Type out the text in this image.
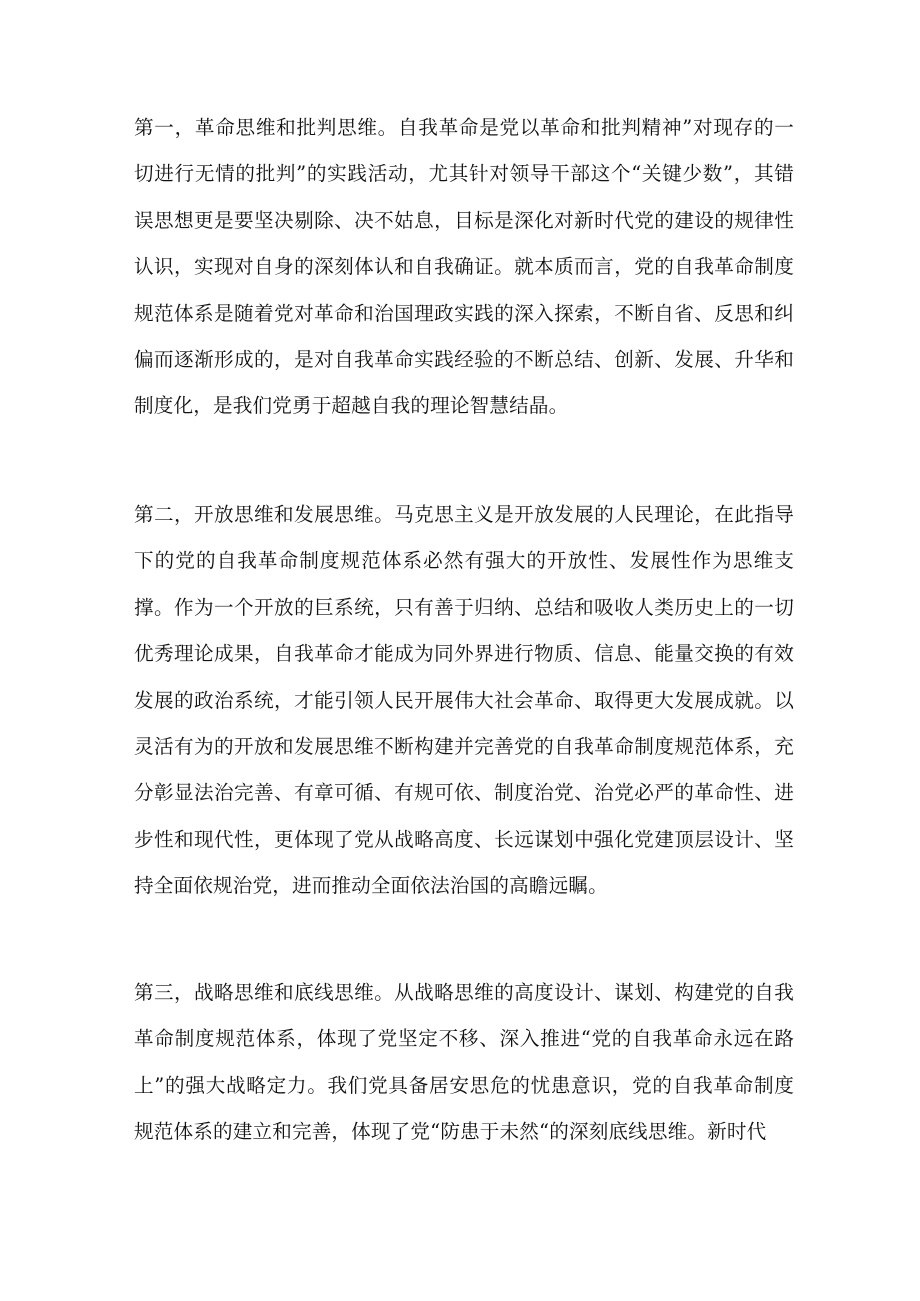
第一，革命思维和批判思维。自我革命是党以革命和批判精神”对现存的一切进行无情的批判”的实践活动，尤其针对领导干部这个“关键少数”，其错误思想更是要坚决剔除、决不姑息，目标是深化对新时代党的建设的规律性认识，实现对自身的深刻体认和自我确证。就本质而言，党的自我革命制度规范体系是随着党对革命和治国理政实践的深入探索，不断自省、反思和纠偏而逐渐形成的，是对自我革命实践经验的不断总结、创新、发展、升华和制度化，是我们党勇于超越自我的理论智慧结晶。

第二，开放思维和发展思维。马克思主义是开放发展的人民理论，在此指导下的党的自我革命制度规范体系必然有强大的开放性、发展性作为思维支撑。作为一个开放的巨系统，只有善于归纳、总结和吸收人类历史上的一切优秀理论成果，自我革命才能成为同外界进行物质、信息、能量交换的有效发展的政治系统，才能引领人民开展伟大社会革命、取得更大发展成就。以灵活有为的开放和发展思维不断构建并完善党的自我革命制度规范体系，充分彰显法治完善、有章可循、有规可依、制度治党、治党必严的革命性、进步性和现代性，更体现了党从战略高度、长远谋划中强化党建顶层设计、坚持全面依规治党，进而推动全面依法治国的高瞻远瞩。

第三，战略思维和底线思维。从战略思维的高度设计、谋划、构建党的自我革命制度规范体系，体现了党坚定不移、深入推进“党的自我革命永远在路上”的强大战略定力。我们党具备居安思危的忧患意识，党的自我革命制度规范体系的建立和完善，体现了党“防患于未然“的深刻底线思维。新时代
